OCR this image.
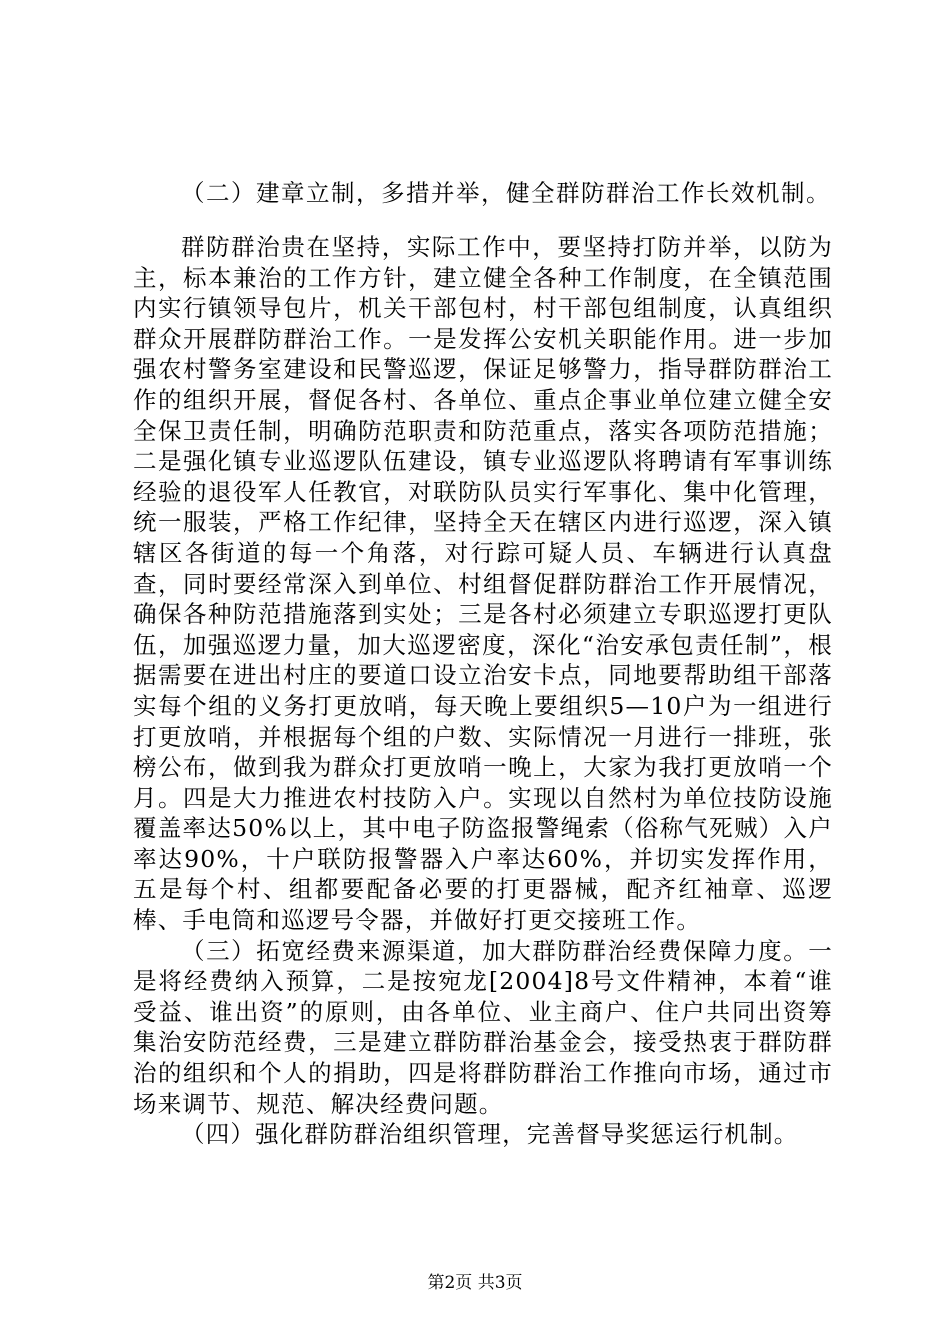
（二）建章立制，多措并举，健全群防群治工作长效机制。

群防群治贵在坚持，实际工作中，要坚持打防并举，以防为主，标本兼治的工作方针，建立健全各种工作制度，在全镇范围内实行镇领导包片，机关干部包村，村干部包组制度，认真组织群众开展群防群治工作。一是发挥公安机关职能作用。进一步加强农村警务室建设和民警巡逻，保证足够警力，指导群防群治工作的组织开展，督促各村、各单位、重点企事业单位建立健全安全保卫责任制，明确防范职责和防范重点，落实各项防范措施；二是强化镇专业巡逻队伍建设，镇专业巡逻队将聘请有军事训练经验的退役军人任教官，对联防队员实行军事化、集中化管理，统一服装，严格工作纪律，坚持全天在辖区内进行巡逻，深入镇辖区各街道的每一个角落，对行踪可疑人员、车辆进行认真盘查，同时要经常深入到单位、村组督促群防群治工作开展情况，确保各种防范措施落到实处；三是各村必须建立专职巡逻打更队伍，加强巡逻力量，加大巡逻密度，深化“治安承包责任制”，根据需要在进出村庄的要道口设立治安卡点，同地要帮助组干部落实每个组的义务打更放哨，每天晚上要组织5—10户为一组进行打更放哨，并根据每个组的户数、实际情况一月进行一排班，张榜公布，做到我为群众打更放哨一晚上，大家为我打更放哨一个月。四是大力推进农村技防入户。实现以自然村为单位技防设施覆盖率达50%以上，其中电子防盗报警绳索（俗称气死贼）入户率达90%，十户联防报警器入户率达60%，并切实发挥作用，五是每个村、组都要配备必要的打更器械，配齐红袖章、巡逻棒、手电筒和巡逻号令器，并做好打更交接班工作。

（三）拓宽经费来源渠道，加大群防群治经费保障力度。一是将经费纳入预算，二是按宛龙[2004]8号文件精神，本着“谁受益、谁出资”的原则，由各单位、业主商户、住户共同出资筹集治安防范经费，三是建立群防群治基金会，接受热衷于群防群治的组织和个人的捐助，四是将群防群治工作推向市场，通过市场来调节、规范、解决经费问题。

（四）强化群防群治组织管理，完善督导奖惩运行机制。

第2页 共3页
